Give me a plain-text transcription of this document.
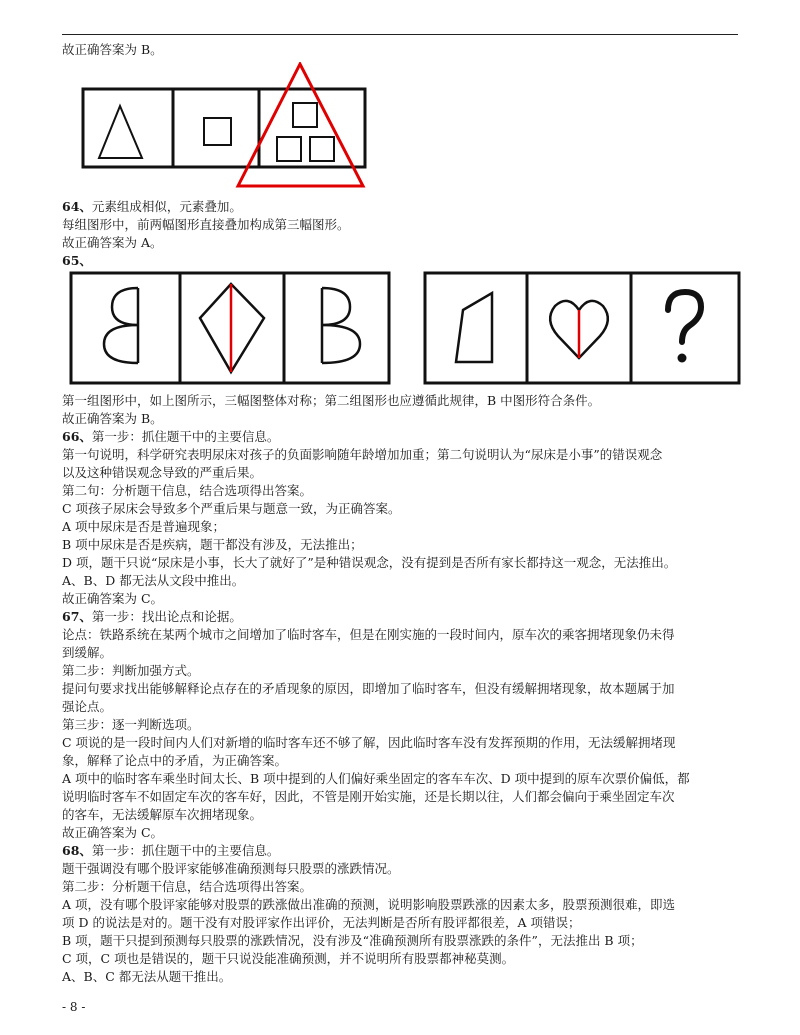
故正确答案为 B。
64、元素组成相似，元素叠加。
每组图形中，前两幅图形直接叠加构成第三幅图形。
故正确答案为 A。
65、
第一组图形中，如上图所示，三幅图整体对称；第二组图形也应遵循此规律，B 中图形符合条件。
故正确答案为 B。
66、第一步：抓住题干中的主要信息。
第一句说明，科学研究表明尿床对孩子的负面影响随年龄增加加重；第二句说明认为“尿床是小事”的错误观念
以及这种错误观念导致的严重后果。
第二句：分析题干信息，结合选项得出答案。
C 项孩子尿床会导致多个严重后果与题意一致，为正确答案。
A 项中尿床是否是普遍现象；
B 项中尿床是否是疾病，题干都没有涉及，无法推出；
D 项，题干只说“尿床是小事，长大了就好了”是种错误观念，没有提到是否所有家长都持这一观念，无法推出。
A、B、D 都无法从文段中推出。
故正确答案为 C。
67、第一步：找出论点和论据。
论点：铁路系统在某两个城市之间增加了临时客车，但是在刚实施的一段时间内，原车次的乘客拥堵现象仍未得
到缓解。
第二步：判断加强方式。
提问句要求找出能够解释论点存在的矛盾现象的原因，即增加了临时客车，但没有缓解拥堵现象，故本题属于加
强论点。
第三步：逐一判断选项。
C 项说的是一段时间内人们对新增的临时客车还不够了解，因此临时客车没有发挥预期的作用，无法缓解拥堵现
象，解释了论点中的矛盾，为正确答案。
A 项中的临时客车乘坐时间太长、B 项中提到的人们偏好乘坐固定的客车车次、D 项中提到的原车次票价偏低，都
说明临时客车不如固定车次的客车好，因此，不管是刚开始实施，还是长期以往，人们都会偏向于乘坐固定车次
的客车，无法缓解原车次拥堵现象。
故正确答案为 C。
68、第一步：抓住题干中的主要信息。
题干强调没有哪个股评家能够准确预测每只股票的涨跌情况。
第二步：分析题干信息，结合选项得出答案。
A 项，没有哪个股评家能够对股票的跌涨做出准确的预测，说明影响股票跌涨的因素太多，股票预测很难，即选
项 D 的说法是对的。题干没有对股评家作出评价，无法判断是否所有股评都很差，A 项错误；
B 项，题干只提到预测每只股票的涨跌情况，没有涉及“准确预测所有股票涨跌的条件”，无法推出 B 项；
C 项，C 项也是错误的，题干只说没能准确预测，并不说明所有股票都神秘莫测。
A、B、C 都无法从题干推出。
- 8 -
